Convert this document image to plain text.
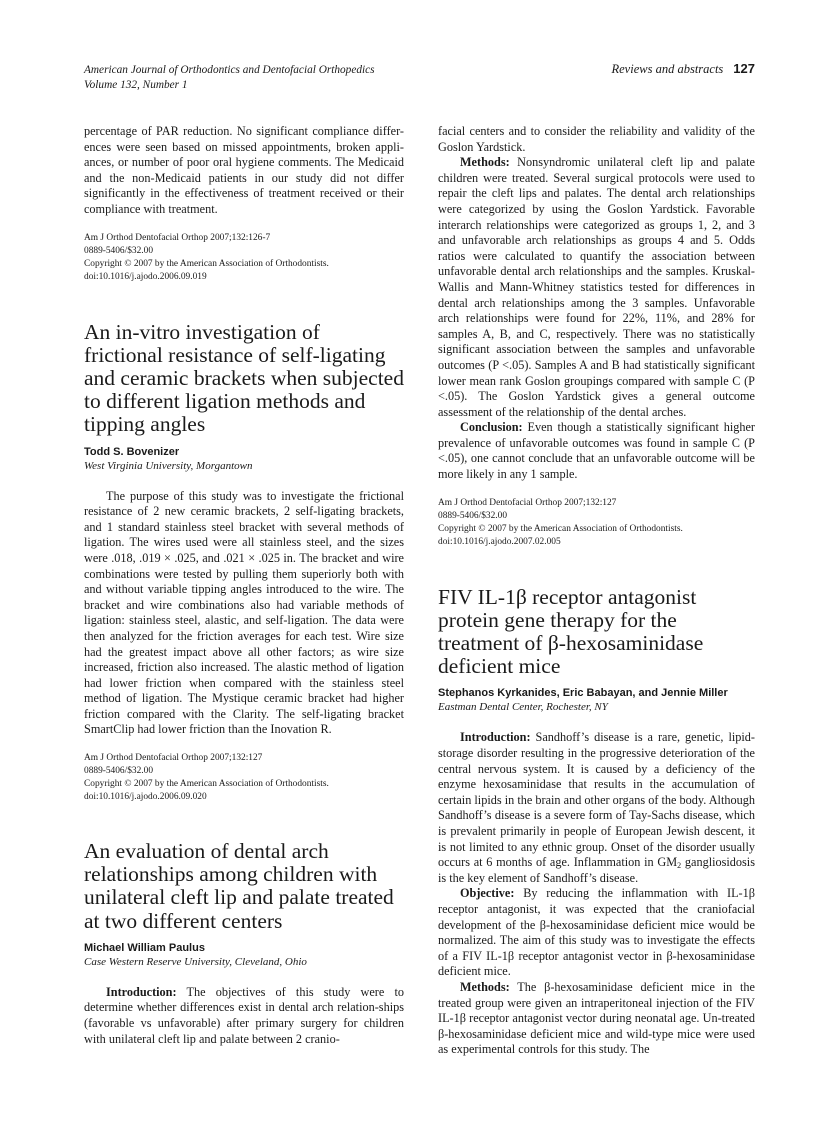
American Journal of Orthodontics and Dentofacial Orthopedics
Volume 132, Number 1
Reviews and abstracts 127

percentage of PAR reduction. No significant compliance differ-ences were seen based on missed appointments, broken appli-ances, or number of poor oral hygiene comments. The Medicaid and the non-Medicaid patients in our study did not differ significantly in the effectiveness of treatment received or their compliance with treatment.

Am J Orthod Dentofacial Orthop 2007;132:126-7

0889-5406/$32.00

Copyright © 2007 by the American Association of Orthodontists.

doi:10.1016/j.ajodo.2006.09.019

An in-vitro investigation of frictional resistance of self-ligating and ceramic brackets when subjected to different ligation methods and tipping angles

Todd S. Bovenizer

West Virginia University, Morgantown

The purpose of this study was to investigate the frictional resistance of 2 new ceramic brackets, 2 self-ligating brackets, and 1 standard stainless steel bracket with several methods of ligation. The wires used were all stainless steel, and the sizes were .018, .019 × .025, and .021 × .025 in. The bracket and wire combinations were tested by pulling them superiorly both with and without variable tipping angles introduced to the wire. The bracket and wire combinations also had variable methods of ligation: stainless steel, alastic, and self-ligation. The data were then analyzed for the friction averages for each test. Wire size had the greatest impact above all other factors; as wire size increased, friction also increased. The alastic method of ligation had lower friction when compared with the stainless steel method of ligation. The Mystique ceramic bracket had higher friction compared with the Clarity. The self-ligating bracket SmartClip had lower friction than the Inovation R.

Am J Orthod Dentofacial Orthop 2007;132:127

0889-5406/$32.00

Copyright © 2007 by the American Association of Orthodontists.

doi:10.1016/j.ajodo.2006.09.020

An evaluation of dental arch relationships among children with unilateral cleft lip and palate treated at two different centers

Michael William Paulus

Case Western Reserve University, Cleveland, Ohio

Introduction: The objectives of this study were to determine whether differences exist in dental arch relation-ships (favorable vs unfavorable) after primary surgery for children with unilateral cleft lip and palate between 2 cranio-

facial centers and to consider the reliability and validity of the Goslon Yardstick.

Methods: Nonsyndromic unilateral cleft lip and palate children were treated. Several surgical protocols were used to repair the cleft lips and palates. The dental arch relationships were categorized by using the Goslon Yardstick. Favorable interarch relationships were categorized as groups 1, 2, and 3 and unfavorable arch relationships as groups 4 and 5. Odds ratios were calculated to quantify the association between unfavorable dental arch relationships and the samples. Kruskal-Wallis and Mann-Whitney statistics tested for differences in dental arch relationships among the 3 samples. Unfavorable arch relationships were found for 22%, 11%, and 28% for samples A, B, and C, respectively. There was no statistically significant association between the samples and unfavorable outcomes (P <.05). Samples A and B had statistically significant lower mean rank Goslon groupings compared with sample C (P <.05). The Goslon Yardstick gives a general outcome assessment of the relationship of the dental arches.

Conclusion: Even though a statistically significant higher prevalence of unfavorable outcomes was found in sample C (P <.05), one cannot conclude that an unfavorable outcome will be more likely in any 1 sample.

Am J Orthod Dentofacial Orthop 2007;132:127

0889-5406/$32.00

Copyright © 2007 by the American Association of Orthodontists.

doi:10.1016/j.ajodo.2007.02.005

FIV IL-1β receptor antagonist protein gene therapy for the treatment of β-hexosaminidase deficient mice

Stephanos Kyrkanides, Eric Babayan, and Jennie Miller

Eastman Dental Center, Rochester, NY

Introduction: Sandhoff’s disease is a rare, genetic, lipid-storage disorder resulting in the progressive deterioration of the central nervous system. It is caused by a deficiency of the enzyme hexosaminidase that results in the accumulation of certain lipids in the brain and other organs of the body. Although Sandhoff’s disease is a severe form of Tay-Sachs disease, which is prevalent primarily in people of European Jewish descent, it is not limited to any ethnic group. Onset of the disorder usually occurs at 6 months of age. Inflammation in $GM_2$ gangliosidosis is the key element of Sandhoff’s disease.

Objective: By reducing the inflammation with IL-1β receptor antagonist, it was expected that the craniofacial development of the β-hexosaminidase deficient mice would be normalized. The aim of this study was to investigate the effects of a FIV IL-1β receptor antagonist vector in β-hexosaminidase deficient mice.

Methods: The β-hexosaminidase deficient mice in the treated group were given an intraperitoneal injection of the FIV IL-1β receptor antagonist vector during neonatal age. Un-treated β-hexosaminidase deficient mice and wild-type mice were used as experimental controls for this study. The
